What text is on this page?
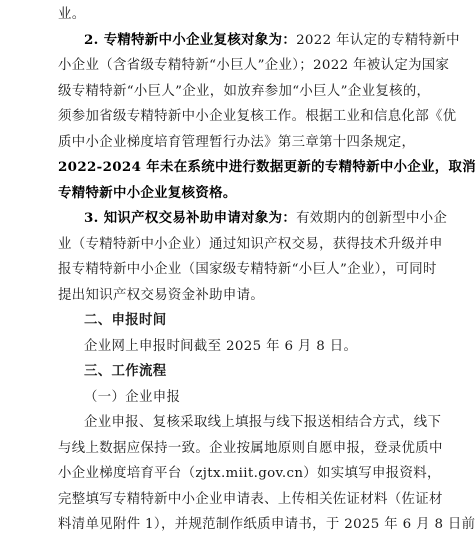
业。
2. 专精特新中小企业复核对象为：2022 年认定的专精特新中
小企业（含省级专精特新“小巨人”企业）；2022 年被认定为国家
级专精特新“小巨人”企业，如放弃参加“小巨人”企业复核的，
须参加省级专精特新中小企业复核工作。根据工业和信息化部《优
质中小企业梯度培育管理暂行办法》第三章第十四条规定，
2022-2024 年未在系统中进行数据更新的专精特新中小企业，取消
专精特新中小企业复核资格。
3. 知识产权交易补助申请对象为：有效期内的创新型中小企
业（专精特新中小企业）通过知识产权交易，获得技术升级并申
报专精特新中小企业（国家级专精特新“小巨人”企业），可同时
提出知识产权交易资金补助申请。
二、申报时间
企业网上申报时间截至 2025 年 6 月 8 日。
三、工作流程
（一）企业申报
企业申报、复核采取线上填报与线下报送相结合方式，线下
与线上数据应保持一致。企业按属地原则自愿申报，登录优质中
小企业梯度培育平台（zjtx.miit.gov.cn）如实填写申报资料，
完整填写专精特新中小企业申请表、上传相关佐证材料（佐证材
料清单见附件 1），并规范制作纸质申请书，于 2025 年 6 月 8 日前
